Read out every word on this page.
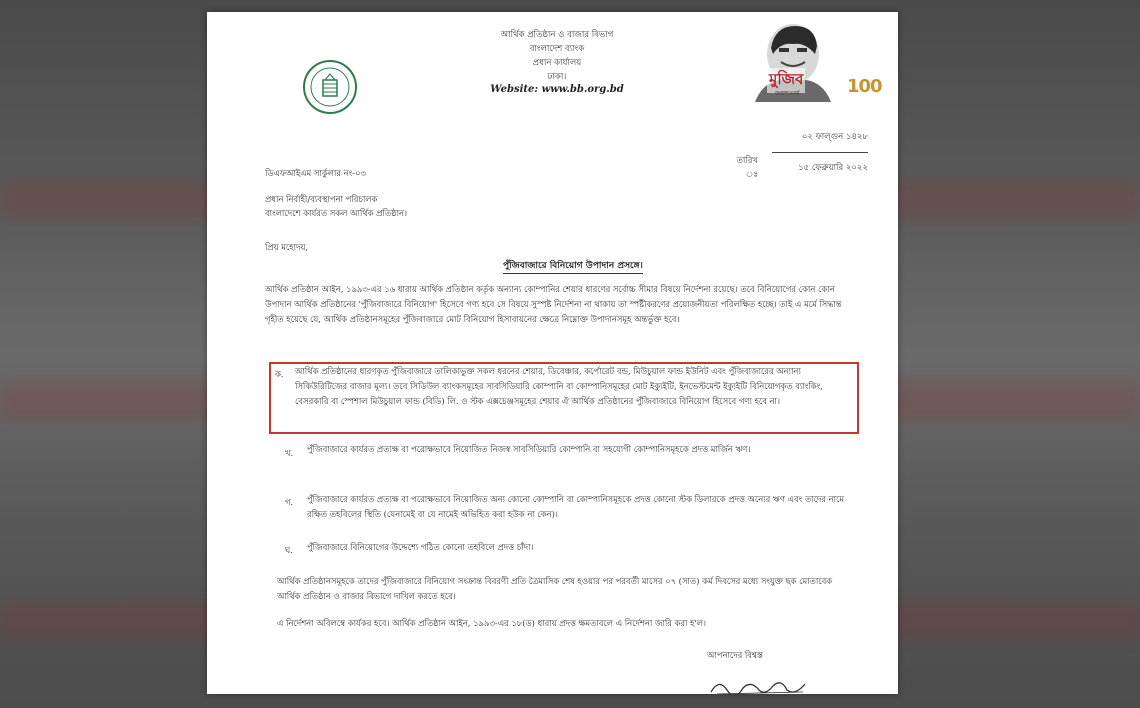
আর্থিক প্রতিষ্ঠান ও বাজার বিভাগ
বাংলাদেশ ব্যাংক
প্রধান কার্যালয়
ঢাকা।
Website: www.bb.org.bd
মুজিব
জন্মশতবর্ষ	100
০২ ফাল্গুন ১৪২৮
তারিখ ঃ
১৫ ফেব্রুয়ারি ২০২২
ডিএফআইএম সার্কুলার নং-০৩
প্রধান নির্বাহী/ব্যবস্থাপনা পরিচালক
বাংলাদেশে কার্যরত সকল আর্থিক প্রতিষ্ঠান।
প্রিয় মহোদয়,
পুঁজিবাজারে বিনিয়োগ উপাদান প্রসঙ্গে।
আর্থিক প্রতিষ্ঠান আইন, ১৯৯৩-এর ১৬ ধারায় আর্থিক প্রতিষ্ঠান কর্তৃক অন্যান্য কোম্পানির শেয়ার ধারণের সর্বোচ্চ সীমার বিষয়ে নির্দেশনা রয়েছে। তবে বিনিয়োগের কোন কোন উপাদান আর্থিক প্রতিষ্ঠানের 'পুঁজিবাজারে বিনিয়োগ' হিসেবে গণ্য হবে সে বিষয়ে সুস্পষ্ট নির্দেশনা না থাকায় তা স্পষ্টীকরণের প্রয়োজনীয়তা পরিলক্ষিত হচ্ছে। তাই এ মর্মে সিদ্ধান্ত গৃহীত হয়েছে যে, আর্থিক প্রতিষ্ঠানসমূহের পুঁজিবাজারে মোট বিনিয়োগ হিসাবায়নের ক্ষেত্রে নিম্নোক্ত উপাদানসমূহ অন্তর্ভুক্ত হবে।
ক. আর্থিক প্রতিষ্ঠানের ধারণকৃত পুঁজিবাজারে তালিকাভুক্ত সকল ধরনের শেয়ার, ডিবেঞ্চার, কর্পোরেট বন্ড, মিউচুয়াল ফান্ড ইউনিট এবং পুঁজিবাজারের অন্যান্য সিকিউরিটিজের বাজার মূল্য। তবে সিডিউল ব্যাংকসমূহের সাবসিডিয়ারি কোম্পানি বা কোম্পানিসমূহের মোট ইক্যুইটি, ইনভেস্টমেন্ট ইক্যুইটি বিনিয়োগকৃত ব্যাংকিং, বেসরকারি বা স্পেশাল মিউচুয়াল ফান্ড (বিডি) লি. ও স্টক এক্সচেঞ্জসমূহের শেয়ার ঐ আর্থিক প্রতিষ্ঠানের পুঁজিবাজারে বিনিয়োগ হিসেবে গণ্য হবে না।
খ. পুঁজিবাজারে কার্যরত প্রত্যক্ষ বা পরোক্ষভাবে নিয়োজিত নিজস্ব সাবসিডিয়ারি কোম্পানি বা সহযোগী কোম্পানিসমূহকে প্রদত্ত মার্জিন ঋণ।
গ. পুঁজিবাজারে কার্যরত প্রত্যক্ষ বা পরোক্ষভাবে নিয়োজিত অন্য কোনো কোম্পানি বা কোম্পানিসমূহকে প্রদত্ত কোনো স্টক ডিলারকে প্রদত্ত অন্যের ঋণ এবং তাদের নামে রক্ষিত তহবিলের স্থিতি (যেনামেই বা যে নামেই অভিহিত করা হউক না কেন)।
ঘ. পুঁজিবাজারে বিনিয়োগের উদ্দেশ্যে গঠিত কোনো তহবিলে প্রদত্ত চাঁদা।
আর্থিক প্রতিষ্ঠানসমূহকে তাদের পুঁজিবাজারে বিনিয়োগ সংক্রান্ত বিবরণী প্রতি ত্রৈমাসিক শেষ হওয়ার পর পরবর্তী মাসের ০৭ (সাত) কর্ম দিবসের মধ্যে সংযুক্ত ছক মোতাবেক আর্থিক প্রতিষ্ঠান ও বাজার বিভাগে দাখিল করতে হবে।
এ নির্দেশনা অবিলম্বে কার্যকর হবে। আর্থিক প্রতিষ্ঠান আইন, ১৯৯৩-এর ১৮(ড) ধারায় প্রদত্ত ক্ষমতাবলে এ নির্দেশনা জারি করা হ'ল।
আপনাদের বিশ্বস্ত
